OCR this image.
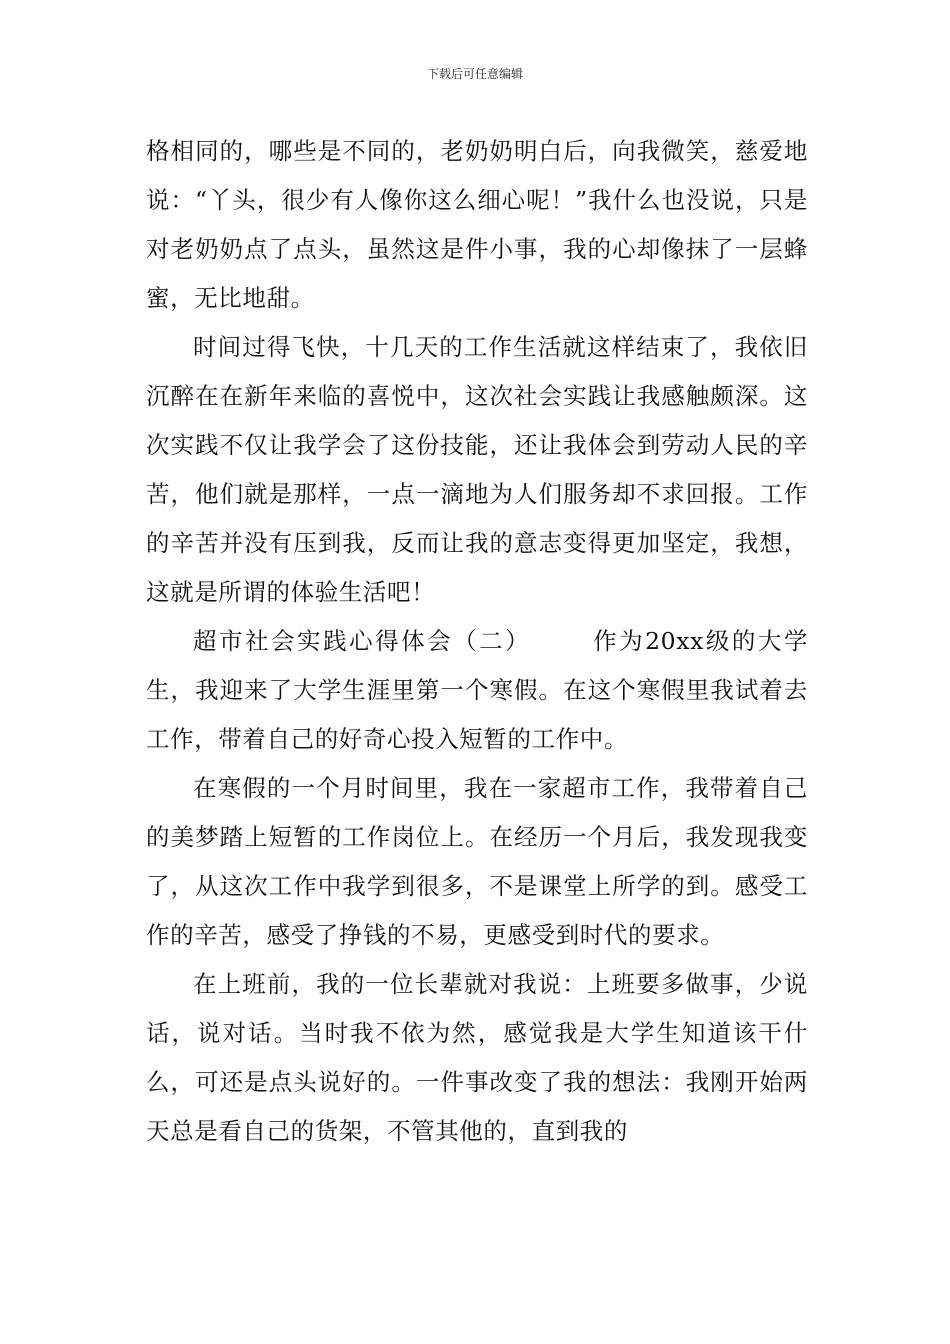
下载后可任意编辑

格相同的，哪些是不同的，老奶奶明白后，向我微笑，慈爱地说：“丫头，很少有人像你这么细心呢！”我什么也没说，只是对老奶奶点了点头，虽然这是件小事，我的心却像抹了一层蜂蜜，无比地甜。

时间过得飞快，十几天的工作生活就这样结束了，我依旧沉醉在在新年来临的喜悦中，这次社会实践让我感触颇深。这次实践不仅让我学会了这份技能，还让我体会到劳动人民的辛苦，他们就是那样，一点一滴地为人们服务却不求回报。工作的辛苦并没有压到我，反而让我的意志变得更加坚定，我想，这就是所谓的体验生活吧！

超市社会实践心得体会（二）	作为20xx级的大学生，我迎来了大学生涯里第一个寒假。在这个寒假里我试着去工作，带着自己的好奇心投入短暂的工作中。

在寒假的一个月时间里，我在一家超市工作，我带着自己的美梦踏上短暂的工作岗位上。在经历一个月后，我发现我变了，从这次工作中我学到很多，不是课堂上所学的到。感受工作的辛苦，感受了挣钱的不易，更感受到时代的要求。

在上班前，我的一位长辈就对我说：上班要多做事，少说话，说对话。当时我不依为然，感觉我是大学生知道该干什么，可还是点头说好的。一件事改变了我的想法：我刚开始两天总是看自己的货架，不管其他的，直到我的
